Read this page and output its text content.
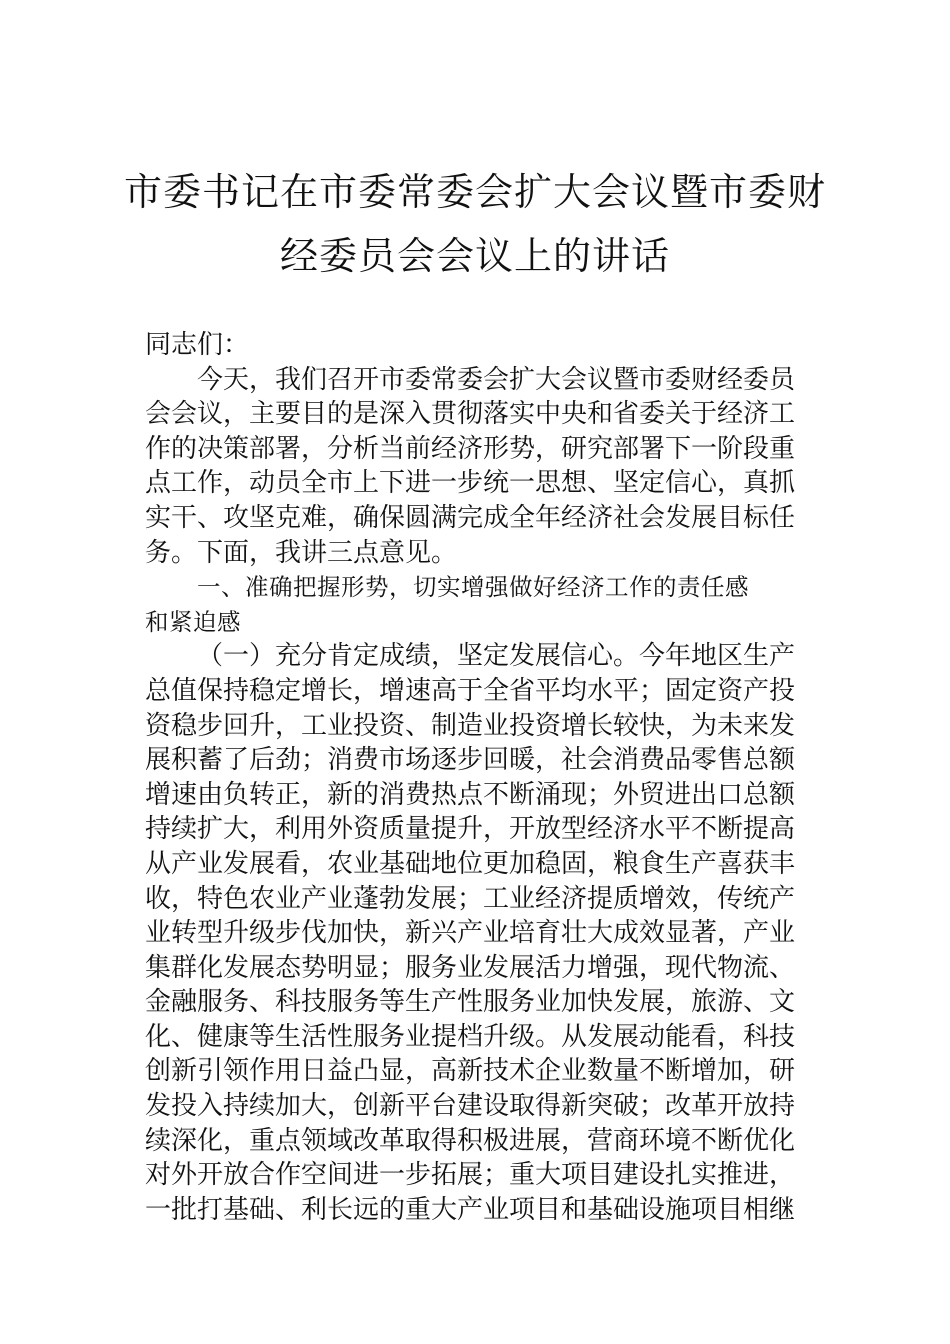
市委书记在市委常委会扩大会议暨市委财
经委员会会议上的讲话
同志们：
今天，我们召开市委常委会扩大会议暨市委财经委员
会会议，主要目的是深入贯彻落实中央和省委关于经济工
作的决策部署，分析当前经济形势，研究部署下一阶段重
点工作，动员全市上下进一步统一思想、坚定信心，真抓
实干、攻坚克难，确保圆满完成全年经济社会发展目标任
务。下面，我讲三点意见。
一、准确把握形势，切实增强做好经济工作的责任感
和紧迫感
（一）充分肯定成绩，坚定发展信心。今年地区生产
总值保持稳定增长，增速高于全省平均水平；固定资产投
资稳步回升，工业投资、制造业投资增长较快，为未来发
展积蓄了后劲；消费市场逐步回暖，社会消费品零售总额
增速由负转正，新的消费热点不断涌现；外贸进出口总额
持续扩大，利用外资质量提升，开放型经济水平不断提高
从产业发展看，农业基础地位更加稳固，粮食生产喜获丰
收，特色农业产业蓬勃发展；工业经济提质增效，传统产
业转型升级步伐加快，新兴产业培育壮大成效显著，产业
集群化发展态势明显；服务业发展活力增强，现代物流、
金融服务、科技服务等生产性服务业加快发展，旅游、文
化、健康等生活性服务业提档升级。从发展动能看，科技
创新引领作用日益凸显，高新技术企业数量不断增加，研
发投入持续加大，创新平台建设取得新突破；改革开放持
续深化，重点领域改革取得积极进展，营商环境不断优化
对外开放合作空间进一步拓展；重大项目建设扎实推进，
一批打基础、利长远的重大产业项目和基础设施项目相继
